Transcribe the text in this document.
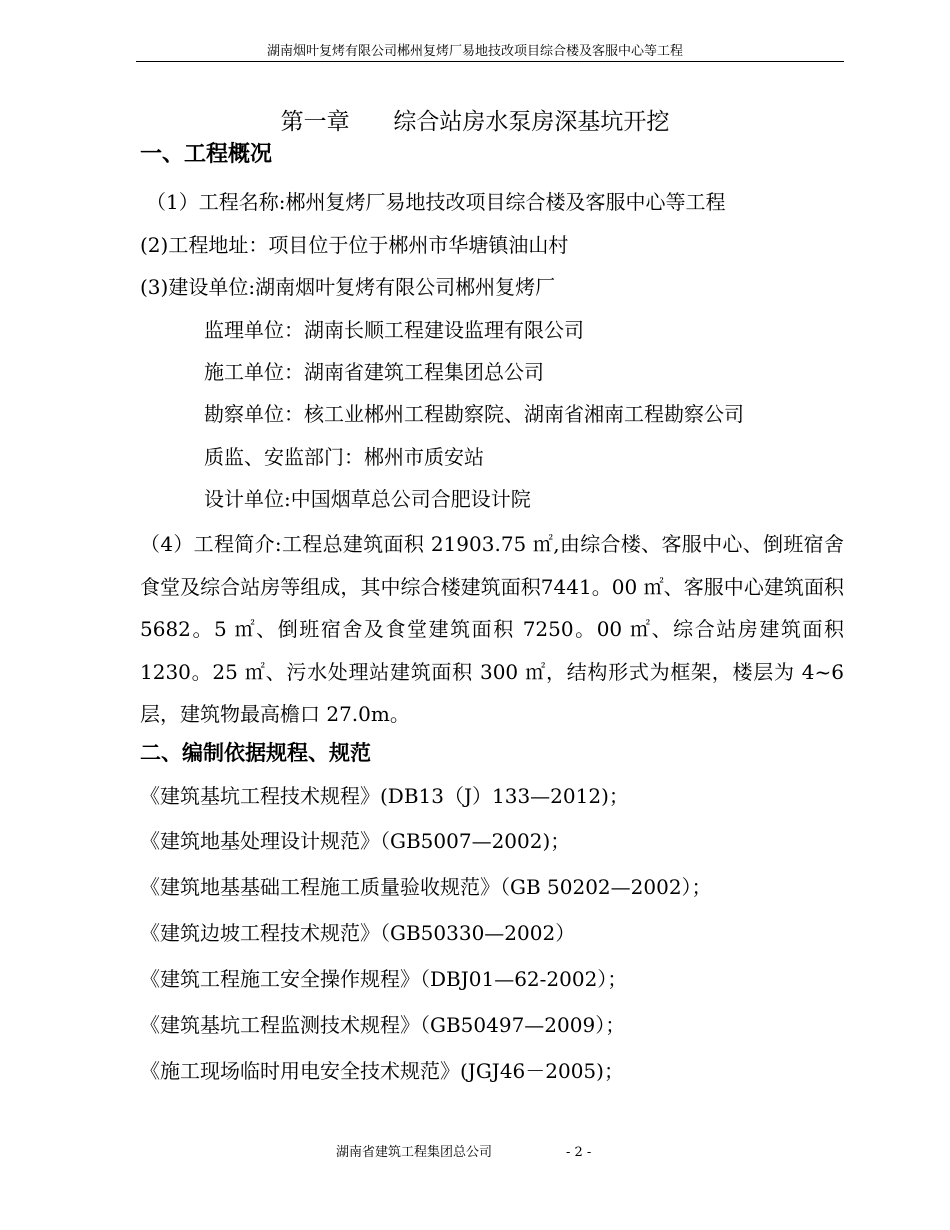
湖南烟叶复烤有限公司郴州复烤厂易地技改项目综合楼及客服中心等工程
第一章      综合站房水泵房深基坑开挖
一、工程概况
（1）工程名称:郴州复烤厂易地技改项目综合楼及客服中心等工程
(2)工程地址：项目位于位于郴州市华塘镇油山村
(3)建设单位:湖南烟叶复烤有限公司郴州复烤厂
监理单位：湖南长顺工程建设监理有限公司
施工单位：湖南省建筑工程集团总公司
勘察单位：核工业郴州工程勘察院、湖南省湘南工程勘察公司
质监、安监部门：郴州市质安站
设计单位:中国烟草总公司合肥设计院
（4）工程简介:工程总建筑面积 21903.75 ㎡,由综合楼、客服中心、倒班宿舍食堂及综合站房等组成，其中综合楼建筑面积7441。00 ㎡、客服中心建筑面积 5682。5 ㎡、倒班宿舍及食堂建筑面积 7250。00 ㎡、综合站房建筑面积 1230。25 ㎡、污水处理站建筑面积 300 ㎡，结构形式为框架，楼层为 4~6 层，建筑物最高檐口 27.0m。
二、编制依据规程、规范
《建筑基坑工程技术规程》(DB13（J）133—2012)；
《建筑地基处理设计规范》（GB5007—2002)；
《建筑地基基础工程施工质量验收规范》（GB 50202—2002）；
《建筑边坡工程技术规范》（GB50330—2002）
《建筑工程施工安全操作规程》（DBJ01—62-2002）；
《建筑基坑工程监测技术规程》（GB50497—2009）；
《施工现场临时用电安全技术规范》(JGJ46－2005)；
湖南省建筑工程集团总公司	- 2 -
